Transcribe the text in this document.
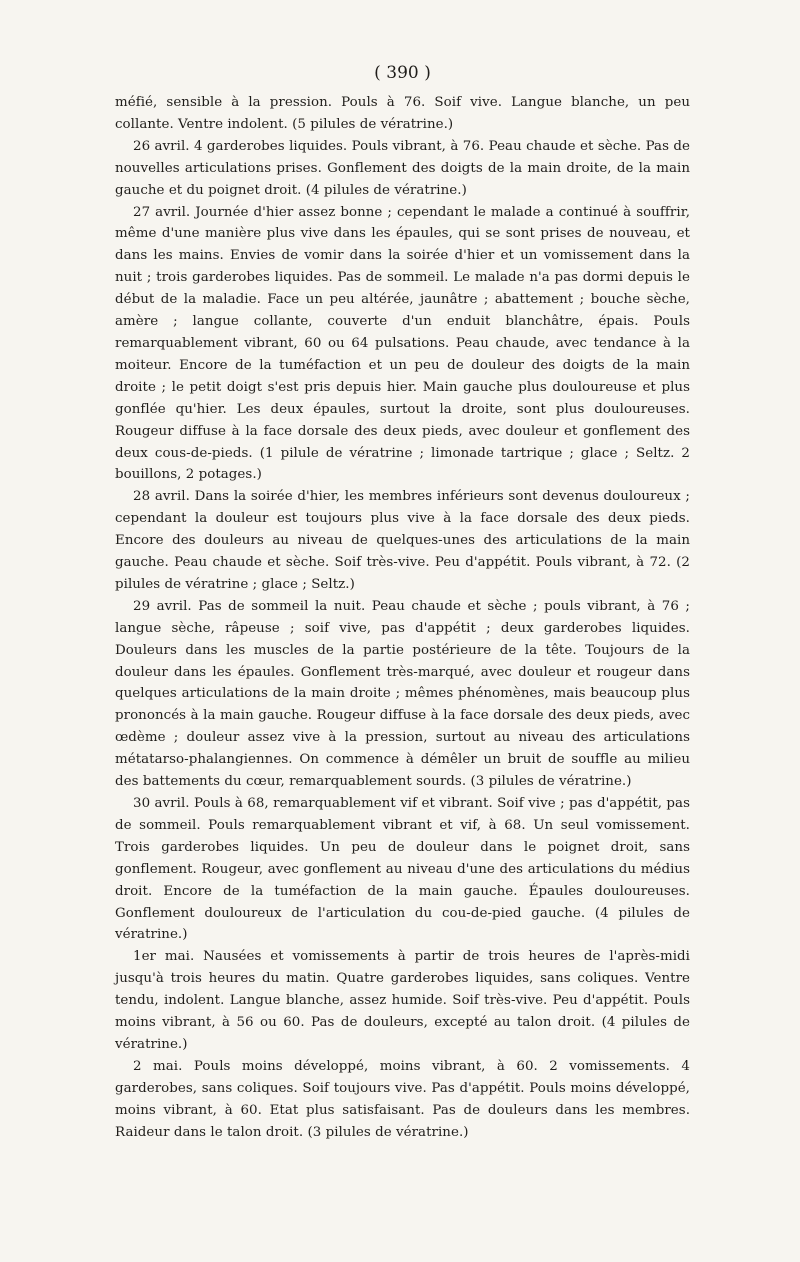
( 390 )

méfié, sensible à la pression. Pouls à 76. Soif vive. Langue blanche, un peu collante. Ventre indolent. (5 pilules de vératrine.)

26 avril. 4 garderobes liquides. Pouls vibrant, à 76. Peau chaude et sèche. Pas de nouvelles articulations prises. Gonflement des doigts de la main droite, de la main gauche et du poignet droit. (4 pilules de vératrine.)

27 avril. Journée d'hier assez bonne ; cependant le malade a continué à souffrir, même d'une manière plus vive dans les épaules, qui se sont prises de nouveau, et dans les mains. Envies de vomir dans la soirée d'hier et un vomissement dans la nuit ; trois garderobes liquides. Pas de sommeil. Le malade n'a pas dormi depuis le début de la maladie. Face un peu altérée, jaunâtre ; abattement ; bouche sèche, amère ; langue collante, couverte d'un enduit blanchâtre, épais. Pouls remarquablement vibrant, 60 ou 64 pulsations. Peau chaude, avec tendance à la moiteur. Encore de la tuméfaction et un peu de douleur des doigts de la main droite ; le petit doigt s'est pris depuis hier. Main gauche plus douloureuse et plus gonflée qu'hier. Les deux épaules, surtout la droite, sont plus douloureuses. Rougeur diffuse à la face dorsale des deux pieds, avec douleur et gonflement des deux cous-de-pieds. (1 pilule de vératrine ; limonade tartrique ; glace ; Seltz. 2 bouillons, 2 potages.)

28 avril. Dans la soirée d'hier, les membres inférieurs sont devenus douloureux ; cependant la douleur est toujours plus vive à la face dorsale des deux pieds. Encore des douleurs au niveau de quelques-unes des articulations de la main gauche. Peau chaude et sèche. Soif très-vive. Peu d'appétit. Pouls vibrant, à 72. (2 pilules de vératrine ; glace ; Seltz.)

29 avril. Pas de sommeil la nuit. Peau chaude et sèche ; pouls vibrant, à 76 ; langue sèche, râpeuse ; soif vive, pas d'appétit ; deux garderobes liquides. Douleurs dans les muscles de la partie postérieure de la tête. Toujours de la douleur dans les épaules. Gonflement très-marqué, avec douleur et rougeur dans quelques articulations de la main droite ; mêmes phénomènes, mais beaucoup plus prononcés à la main gauche. Rougeur diffuse à la face dorsale des deux pieds, avec œdème ; douleur assez vive à la pression, surtout au niveau des articulations métatarso-phalangiennes. On commence à démêler un bruit de souffle au milieu des battements du cœur, remarquablement sourds. (3 pilules de vératrine.)

30 avril. Pouls à 68, remarquablement vif et vibrant. Soif vive ; pas d'appétit, pas de sommeil. Pouls remarquablement vibrant et vif, à 68. Un seul vomissement. Trois garderobes liquides. Un peu de douleur dans le poignet droit, sans gonflement. Rougeur, avec gonflement au niveau d'une des articulations du médius droit. Encore de la tuméfaction de la main gauche. Épaules douloureuses. Gonflement douloureux de l'articulation du cou-de-pied gauche. (4 pilules de vératrine.)

1er mai. Nausées et vomissements à partir de trois heures de l'après-midi jusqu'à trois heures du matin. Quatre garderobes liquides, sans coliques. Ventre tendu, indolent. Langue blanche, assez humide. Soif très-vive. Peu d'appétit. Pouls moins vibrant, à 56 ou 60. Pas de douleurs, excepté au talon droit. (4 pilules de vératrine.)

2 mai. Pouls moins développé, moins vibrant, à 60. 2 vomissements. 4 garderobes, sans coliques. Soif toujours vive. Pas d'appétit. Pouls moins développé, moins vibrant, à 60. Etat plus satisfaisant. Pas de douleurs dans les membres. Raideur dans le talon droit. (3 pilules de vératrine.)
